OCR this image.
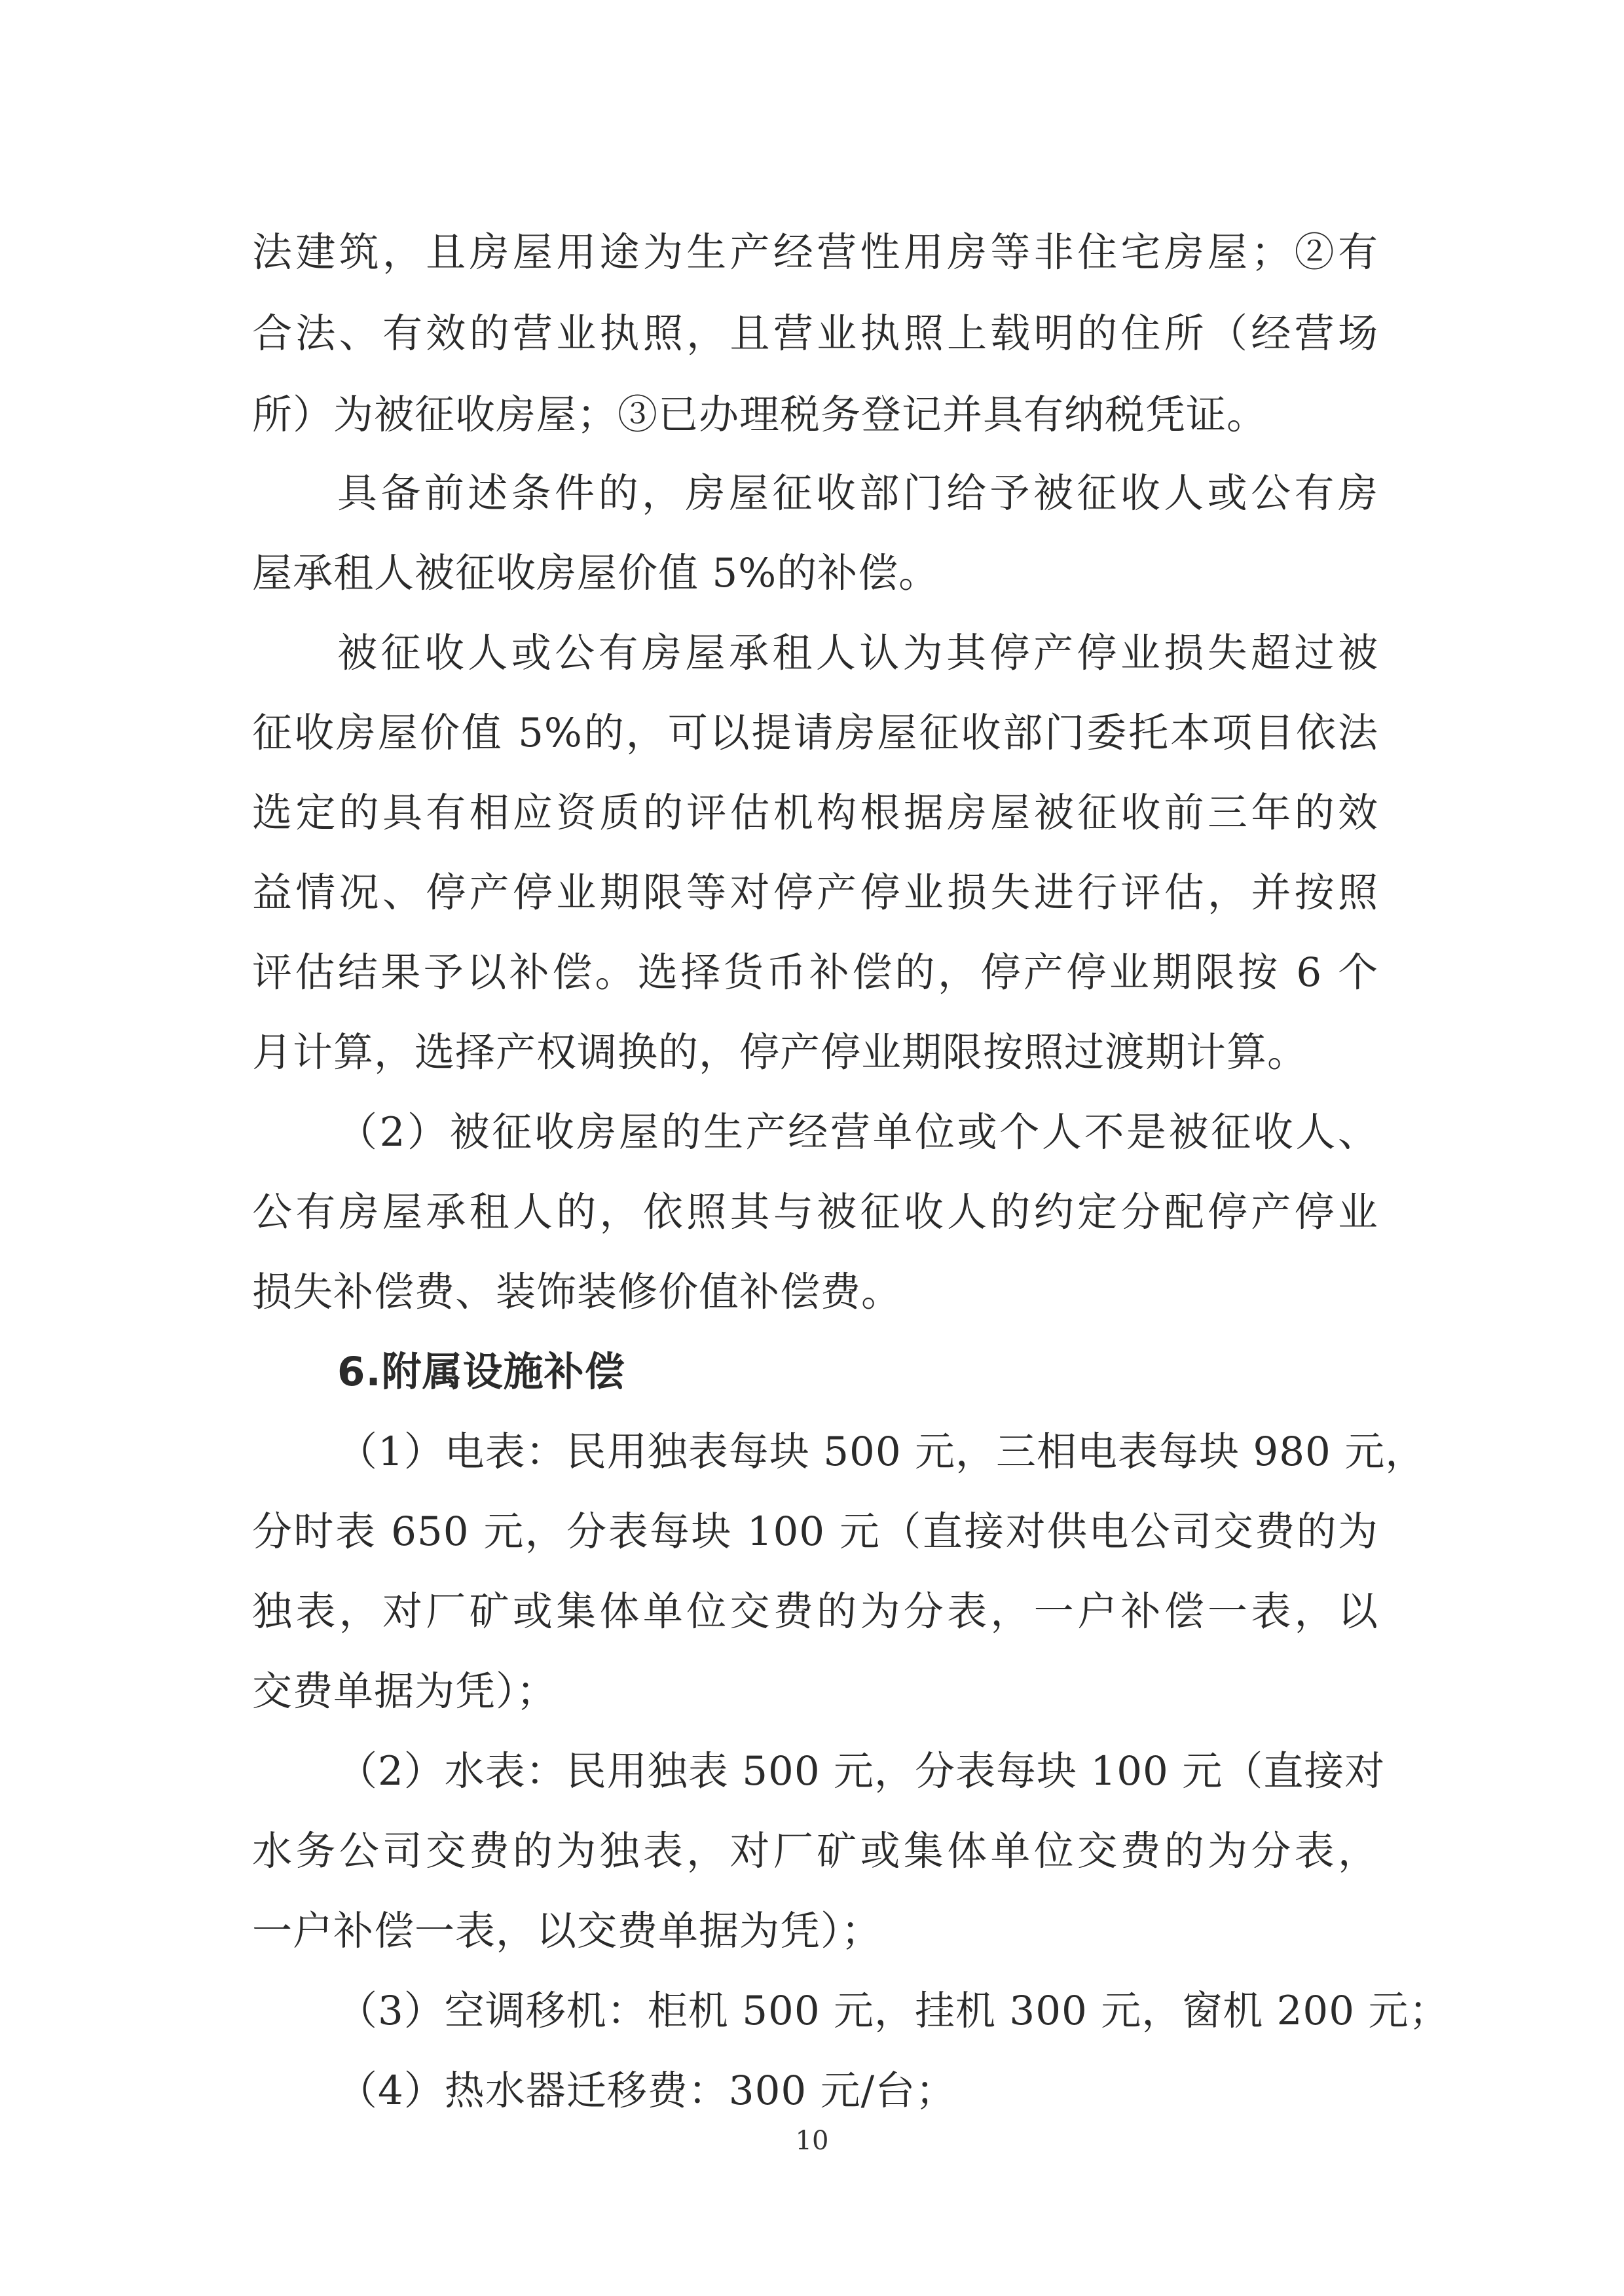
法建筑，且房屋用途为生产经营性用房等非住宅房屋；②有
合法、有效的营业执照，且营业执照上载明的住所（经营场
所）为被征收房屋；③已办理税务登记并具有纳税凭证。
具备前述条件的，房屋征收部门给予被征收人或公有房
屋承租人被征收房屋价值 5%的补偿。
被征收人或公有房屋承租人认为其停产停业损失超过被
征收房屋价值 5%的，可以提请房屋征收部门委托本项目依法
选定的具有相应资质的评估机构根据房屋被征收前三年的效
益情况、停产停业期限等对停产停业损失进行评估，并按照
评估结果予以补偿。选择货币补偿的，停产停业期限按 6 个
月计算，选择产权调换的，停产停业期限按照过渡期计算。
（2）被征收房屋的生产经营单位或个人不是被征收人、
公有房屋承租人的，依照其与被征收人的约定分配停产停业
损失补偿费、装饰装修价值补偿费。
6.附属设施补偿
（1）电表：民用独表每块 500 元，三相电表每块 980 元，
分时表 650 元，分表每块 100 元（直接对供电公司交费的为
独表，对厂矿或集体单位交费的为分表，一户补偿一表，以
交费单据为凭）；
（2）水表：民用独表 500 元，分表每块 100 元（直接对
水务公司交费的为独表，对厂矿或集体单位交费的为分表，
一户补偿一表，以交费单据为凭）；
（3）空调移机：柜机 500 元，挂机 300 元，窗机 200 元；
（4）热水器迁移费：300 元/台；
10
